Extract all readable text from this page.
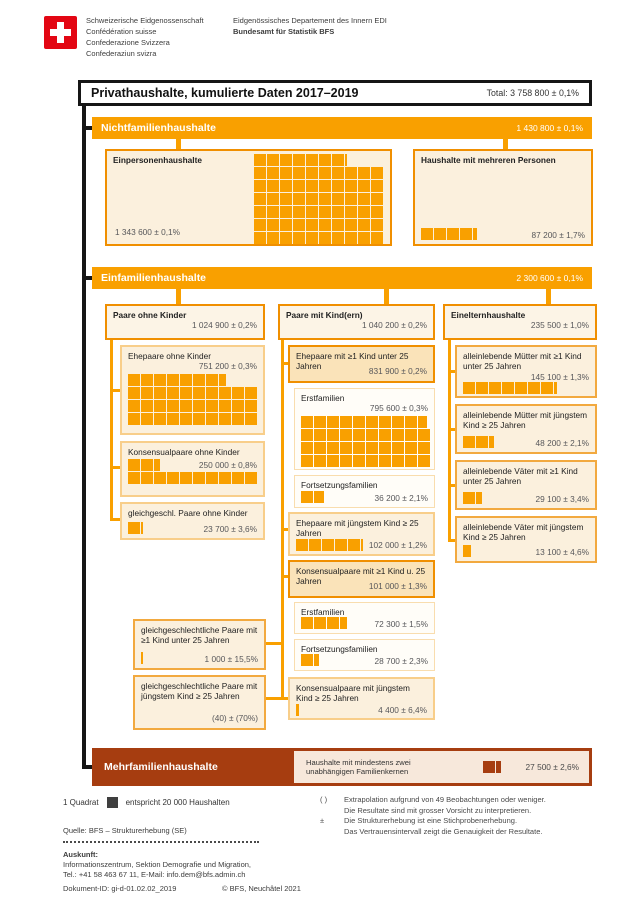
Schweizerische Eidgenossenschaft
Confédération suisse
Confederazione Svizzera
Confederaziun svizra
Eidgenössisches Departement des Innern EDI
Bundesamt für Statistik BFS
Privathaushalte, kumulierte Daten 2017–2019	Total: 3 758 800 ± 0,1%
Nichtfamilienhaushalte	1 430 800 ± 0,1%
Einpersonenhaushalte
1 343 600 ± 0,1%
Haushalte mit mehreren Personen
87 200 ± 1,7%
Einfamilienhaushalte	2 300 600 ± 0,1%
Paare ohne Kinder
1 024 900 ± 0,2%
Paare mit Kind(ern)
1 040 200 ± 0,2%
Einelternhaushalte
235 500 ± 1,0%
Ehepaare ohne Kinder
751 200 ± 0,3%
Konsensualpaare ohne Kinder
250 000 ± 0,8%
gleichgeschl. Paare ohne Kinder
23 700 ± 3,6%
Ehepaare mit ≥1 Kind unter 25 Jahren	831 900 ± 0,2%
Erstfamilien
795 600 ± 0,3%
Fortsetzungsfamilien
36 200 ± 2,1%
Ehepaare mit jüngstem Kind ≥ 25 Jahren
102 000 ± 1,2%
Konsensualpaare mit ≥1 Kind u. 25 Jahren	101 000 ± 1,3%
Erstfamilien
72 300 ± 1,5%
Fortsetzungsfamilien
28 700 ± 2,3%
Konsensualpaare mit jüngstem Kind ≥ 25 Jahren
4 400 ± 6,4%
gleichgeschlechtliche Paare mit ≥1 Kind unter 25 Jahren
1 000 ± 15,5%
gleichgeschlechtliche Paare mit jüngstem Kind ≥ 25 Jahren
(40) ± (70%)
alleinlebende Mütter mit ≥1 Kind unter 25 Jahren
145 100 ± 1,3%
alleinlebende Mütter mit jüngstem Kind ≥ 25 Jahren
48 200 ± 2,1%
alleinlebende Väter mit ≥1 Kind unter 25 Jahren
29 100 ± 3,4%
alleinlebende Väter mit jüngstem Kind ≥ 25 Jahren
13 100 ± 4,6%
Mehrfamilienhaushalte	Haushalte mit mindestens zwei unabhängigen Familienkernen	27 500 ± 2,6%
1 Quadrat	entspricht 20 000 Haushalten	( )	Extrapolation aufgrund von 49 Beobachtungen oder weniger.
Die Resultate sind mit grosser Vorsicht zu interpretieren.
±	Die Strukturerhebung ist eine Stichprobenerhebung.
Das Vertrauensintervall zeigt die Genauigkeit der Resultate.
Quelle: BFS – Strukturerhebung (SE)
Auskunft:
Informationszentrum, Sektion Demografie und Migration,
Tel.: +41 58 463 67 11, E-Mail: info.dem@bfs.admin.ch
Dokument-ID: gi-d-01.02.02_2019	© BFS, Neuchâtel 2021
